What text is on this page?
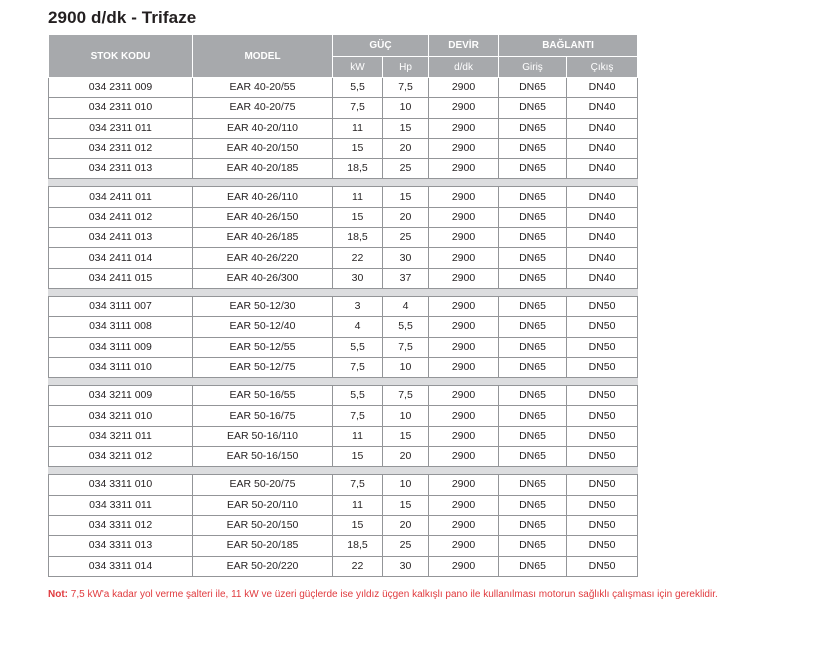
2900 d/dk - Trifaze
STOK KODU	MODEL	GÜÇ		DEVİR	BAĞLANTI	
		kW	Hp	d/dk	Giriş	Çıkış
034 2311 009	EAR 40-20/55	5,5	7,5	2900	DN65	DN40
034 2311 010	EAR 40-20/75	7,5	10	2900	DN65	DN40
034 2311 011	EAR 40-20/110	11	15	2900	DN65	DN40
034 2311 012	EAR 40-20/150	15	20	2900	DN65	DN40
034 2311 013	EAR 40-20/185	18,5	25	2900	DN65	DN40

034 2411 011	EAR 40-26/110	11	15	2900	DN65	DN40
034 2411 012	EAR 40-26/150	15	20	2900	DN65	DN40
034 2411 013	EAR 40-26/185	18,5	25	2900	DN65	DN40
034 2411 014	EAR 40-26/220	22	30	2900	DN65	DN40
034 2411 015	EAR 40-26/300	30	37	2900	DN65	DN40

034 3111 007	EAR 50-12/30	3	4	2900	DN65	DN50
034 3111 008	EAR 50-12/40	4	5,5	2900	DN65	DN50
034 3111 009	EAR 50-12/55	5,5	7,5	2900	DN65	DN50
034 3111 010	EAR 50-12/75	7,5	10	2900	DN65	DN50

034 3211 009	EAR 50-16/55	5,5	7,5	2900	DN65	DN50
034 3211 010	EAR 50-16/75	7,5	10	2900	DN65	DN50
034 3211 011	EAR 50-16/110	11	15	2900	DN65	DN50
034 3211 012	EAR 50-16/150	15	20	2900	DN65	DN50

034 3311 010	EAR 50-20/75	7,5	10	2900	DN65	DN50
034 3311 011	EAR 50-20/110	11	15	2900	DN65	DN50
034 3311 012	EAR 50-20/150	15	20	2900	DN65	DN50
034 3311 013	EAR 50-20/185	18,5	25	2900	DN65	DN50
034 3311 014	EAR 50-20/220	22	30	2900	DN65	DN50
Not: 7,5 kW'a kadar yol verme şalteri ile, 11 kW ve üzeri güçlerde ise yıldız üçgen kalkışlı pano ile kullanılması motorun sağlıklı çalışması için gereklidir.
